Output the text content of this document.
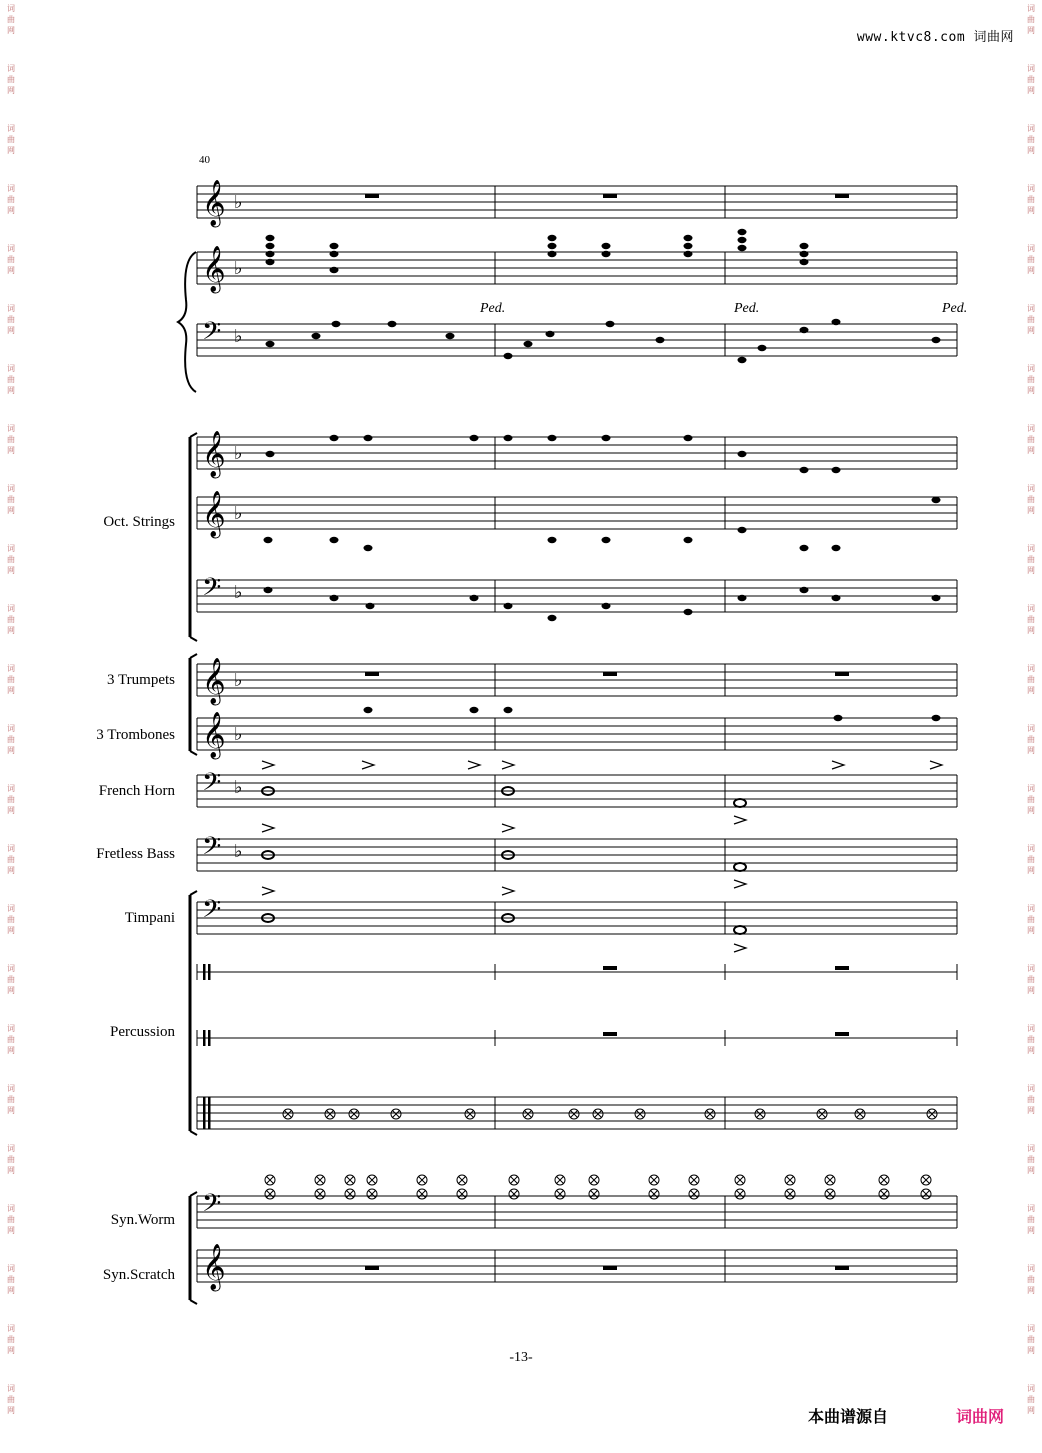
词
曲
网
词
曲
网
词
曲
网
词
曲
网
词
曲
网
词
曲
网
词
曲
网
词
曲
网
词
曲
网
词
曲
网
词
曲
网
词
曲
网
词
曲
网
词
曲
网
词
曲
网
词
曲
网
词
曲
网
词
曲
网
词
曲
网
词
曲
网
词
曲
网
词
曲
网
词
曲
网
词
曲
网
词
曲
网
词
曲
网
词
曲
网
词
曲
网
词
曲
网
词
曲
网
词
曲
网
词
曲
网
词
曲
网
词
曲
网
词
曲
网
词
曲
网
词
曲
网
词
曲
网
词
曲
网
词
曲
网
词
曲
网
词
曲
网
词
曲
网
词
曲
网
词
曲
网
词
曲
网
词
曲
网
词
曲
网
www.ktvc8.com 词曲网
40
Oct. Strings
3 Trumpets
3 Trombones
French Horn
Fretless Bass
Timpani
Percussion
Syn.Worm
Syn.Scratch
𝄞 ♭
𝄞 ♭
𝄢 ♭
𝄞 ♭
𝄞 ♭
𝄢 ♭
𝄞 ♭
𝄞 ♭
𝄢 ♭
𝄢 ♭
𝄢
𝄢
𝄞
Ped.	Ped.	Ped.
-13-
本曲谱源自	词曲网
